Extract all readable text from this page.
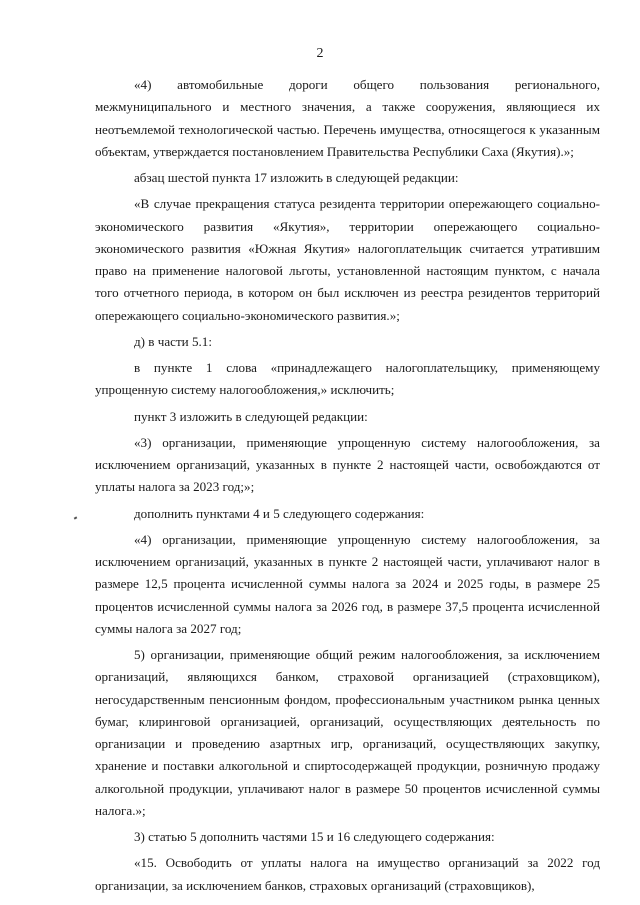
2

«4) автомобильные дороги общего пользования регионального, межмуниципального и местного значения, а также сооружения, являющиеся их неотъемлемой технологической частью. Перечень имущества, относящегося к указанным объектам, утверждается постановлением Правительства Республики Саха (Якутия).»;

абзац шестой пункта 17 изложить в следующей редакции:

«В случае прекращения статуса резидента территории опережающего социально-экономического развития «Якутия», территории опережающего социально-экономического развития «Южная Якутия» налогоплательщик считается утратившим право на применение налоговой льготы, установленной настоящим пунктом, с начала того отчетного периода, в котором он был исключен из реестра резидентов территорий опережающего социально-экономического развития.»;

д) в части 5.1:

в пункте 1 слова «принадлежащего налогоплательщику, применяющему упрощенную систему налогообложения,» исключить;

пункт 3 изложить в следующей редакции:

«3) организации, применяющие упрощенную систему налогообложения, за исключением организаций, указанных в пункте 2 настоящей части, освобождаются от уплаты налога за 2023 год;»;

дополнить пунктами 4 и 5 следующего содержания:

«4) организации, применяющие упрощенную систему налогообложения, за исключением организаций, указанных в пункте 2 настоящей части, уплачивают налог в размере 12,5 процента исчисленной суммы налога за 2024 и 2025 годы, в размере 25 процентов исчисленной суммы налога за 2026 год, в размере 37,5 процента исчисленной суммы налога за 2027 год;

5) организации, применяющие общий режим налогообложения, за исключением организаций, являющихся банком, страховой организацией (страховщиком), негосударственным пенсионным фондом, профессиональным участником рынка ценных бумаг, клиринговой организацией, организаций, осуществляющих деятельность по организации и проведению азартных игр, организаций, осуществляющих закупку, хранение и поставки алкогольной и спиртосодержащей продукции, розничную продажу алкогольной продукции, уплачивают налог в размере 50 процентов исчисленной суммы налога.»;

3) статью 5 дополнить частями 15 и 16 следующего содержания:

«15. Освободить от уплаты налога на имущество организаций за 2022 год организации, за исключением банков, страховых организаций (страховщиков),
